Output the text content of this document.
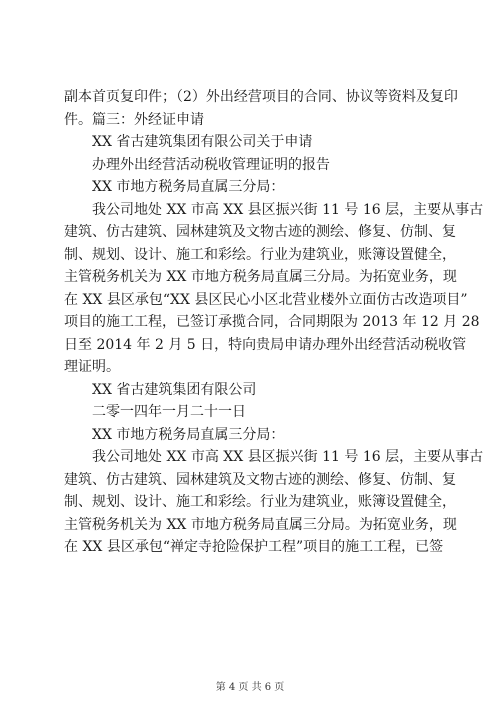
副本首页复印件；（2）外出经营项目的合同、协议等资料及复印
件。篇三：外经证申请
XX 省古建筑集团有限公司关于申请
办理外出经营活动税收管理证明的报告
XX 市地方税务局直属三分局：
我公司地处 XX 市高 XX 县区振兴街 11 号 16 层，主要从事古
建筑、仿古建筑、园林建筑及文物古迹的测绘、修复、仿制、复
制、规划、设计、施工和彩绘。行业为建筑业，账簿设置健全，
主管税务机关为 XX 市地方税务局直属三分局。为拓宽业务，现
在 XX 县区承包“XX 县区民心小区北营业楼外立面仿古改造项目”
项目的施工工程，已签订承揽合同，合同期限为 2013 年 12 月 28
日至 2014 年 2 月 5 日，特向贵局申请办理外出经营活动税收管
理证明。
XX 省古建筑集团有限公司
二零一四年一月二十一日
XX 市地方税务局直属三分局：
我公司地处 XX 市高 XX 县区振兴街 11 号 16 层，主要从事古
建筑、仿古建筑、园林建筑及文物古迹的测绘、修复、仿制、复
制、规划、设计、施工和彩绘。行业为建筑业，账簿设置健全，
主管税务机关为 XX 市地方税务局直属三分局。为拓宽业务，现
在 XX 县区承包“禅定寺抢险保护工程”项目的施工工程，已签
第 4 页 共 6 页
